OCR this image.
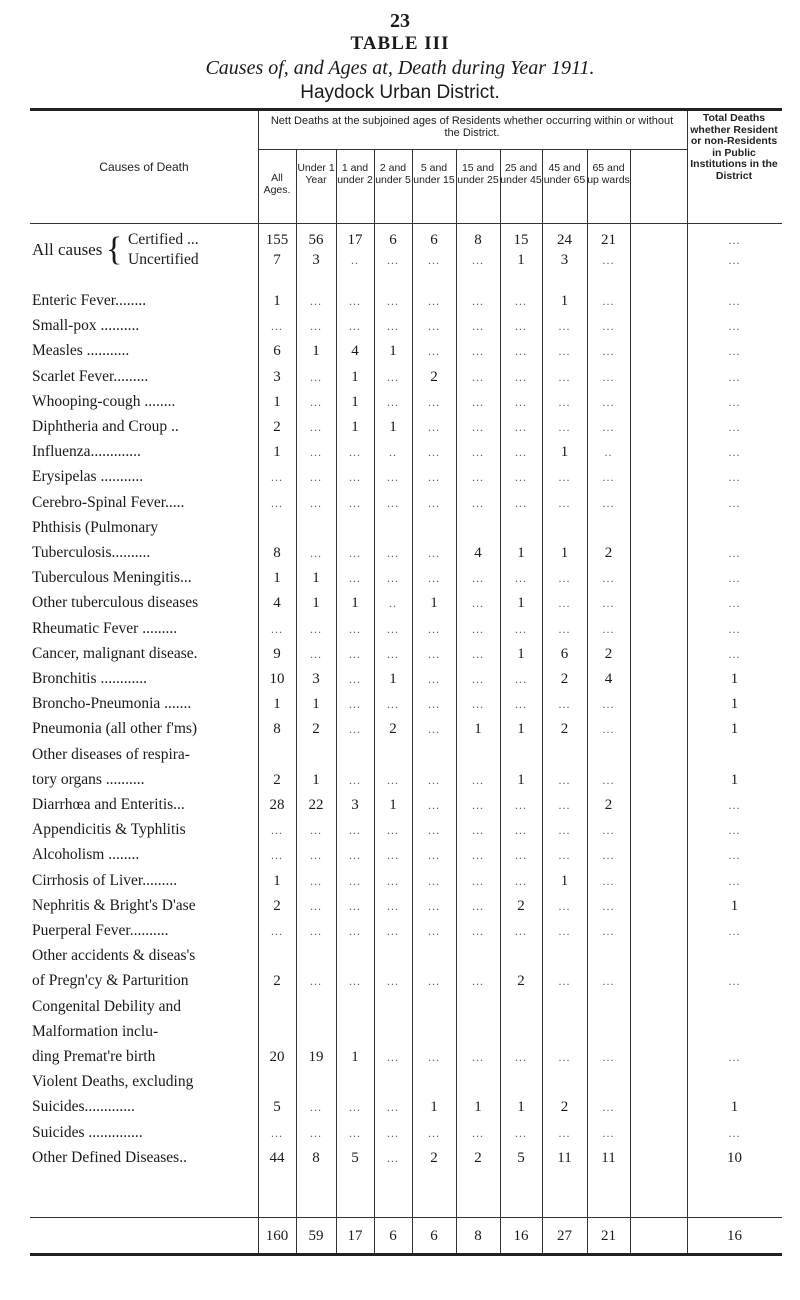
23
TABLE III
Causes of, and Ages at, Death during Year 1911.
Haydock Urban District.
Causes of Death
Nett Deaths at the subjoined ages of Residents whether occurring within or without the District.
Total Deaths whether Resident or non-Residents in Public Institutions in the District
All Ages.
Under 1 Year
1 and under 2
2 and under 5
5 and under 15
15 and under 25
25 and under 45
45 and under 65
65 and up wards
All causes { Certified ...	155	56	17	6	6	8	15	24	21	...
Uncertified	7	3	..	...	...	...	1	3	...	...
Enteric Fever........	1	...	...	...	...	...	...	1	...	...
Small-pox ..........	...	...	...	...	...	...	...	...	...	...
Measles ...........	6	1	4	1	...	...	...	...	...	...
Scarlet Fever.........	3	...	1	...	2	...	...	...	...	...
Whooping-cough ........	1	...	1	...	...	...	...	...	...	...
Diphtheria and Croup ..	2	...	1	1	...	...	...	...	...	...
Influenza.............	1	...	...	..	...	...	...	1	..	...
Erysipelas ...........	...	...	...	...	...	...	...	...	...	...
Cerebro-Spinal Fever.....	...	...	...	...	...	...	...	...	...	...
Phthisis (Pulmonary
Tuberculosis..........	8	...	...	...	...	4	1	1	2	...
Tuberculous Meningitis...	1	1	...	...	...	...	...	...	...	...
Other tuberculous diseases	4	1	1	..	1	...	1	...	...	...
Rheumatic Fever .........	...	...	...	...	...	...	...	...	...	...
Cancer, malignant disease.	9	...	...	...	...	...	1	6	2	...
Bronchitis ............	10	3	...	1	...	...	...	2	4	1
Broncho-Pneumonia .......	1	1	...	...	...	...	...	...	...	1
Pneumonia (all other f'ms)	8	2	...	2	...	1	1	2	...	1
Other diseases of respira-
tory organs ..........	2	1	...	...	...	...	1	...	...	1
Diarrhœa and Enteritis...	28	22	3	1	...	...	...	...	2	...
Appendicitis & Typhlitis	...	...	...	...	...	...	...	...	...	...
Alcoholism ........	...	...	...	...	...	...	...	...	...	...
Cirrhosis of Liver.........	1	...	...	...	...	...	...	1	...	...
Nephritis & Bright's D'ase	2	...	...	...	...	...	2	...	...	1
Puerperal Fever..........	...	...	...	...	...	...	...	...	...	...
Other accidents & diseas's
of Pregn'cy & Parturition	2	...	...	...	...	...	2	...	...	...
Congenital Debility and
Malformation inclu-
ding Premat're birth	20	19	1	...	...	...	...	...	...	...
Violent Deaths, excluding
Suicides.............	5	...	...	...	1	1	1	2	...	1
Suicides ..............	...	...	...	...	...	...	...	...	...	...
Other Defined Diseases..	44	8	5	...	2	2	5	11	11	10
160	59	17	6	6	8	16	27	21	16
